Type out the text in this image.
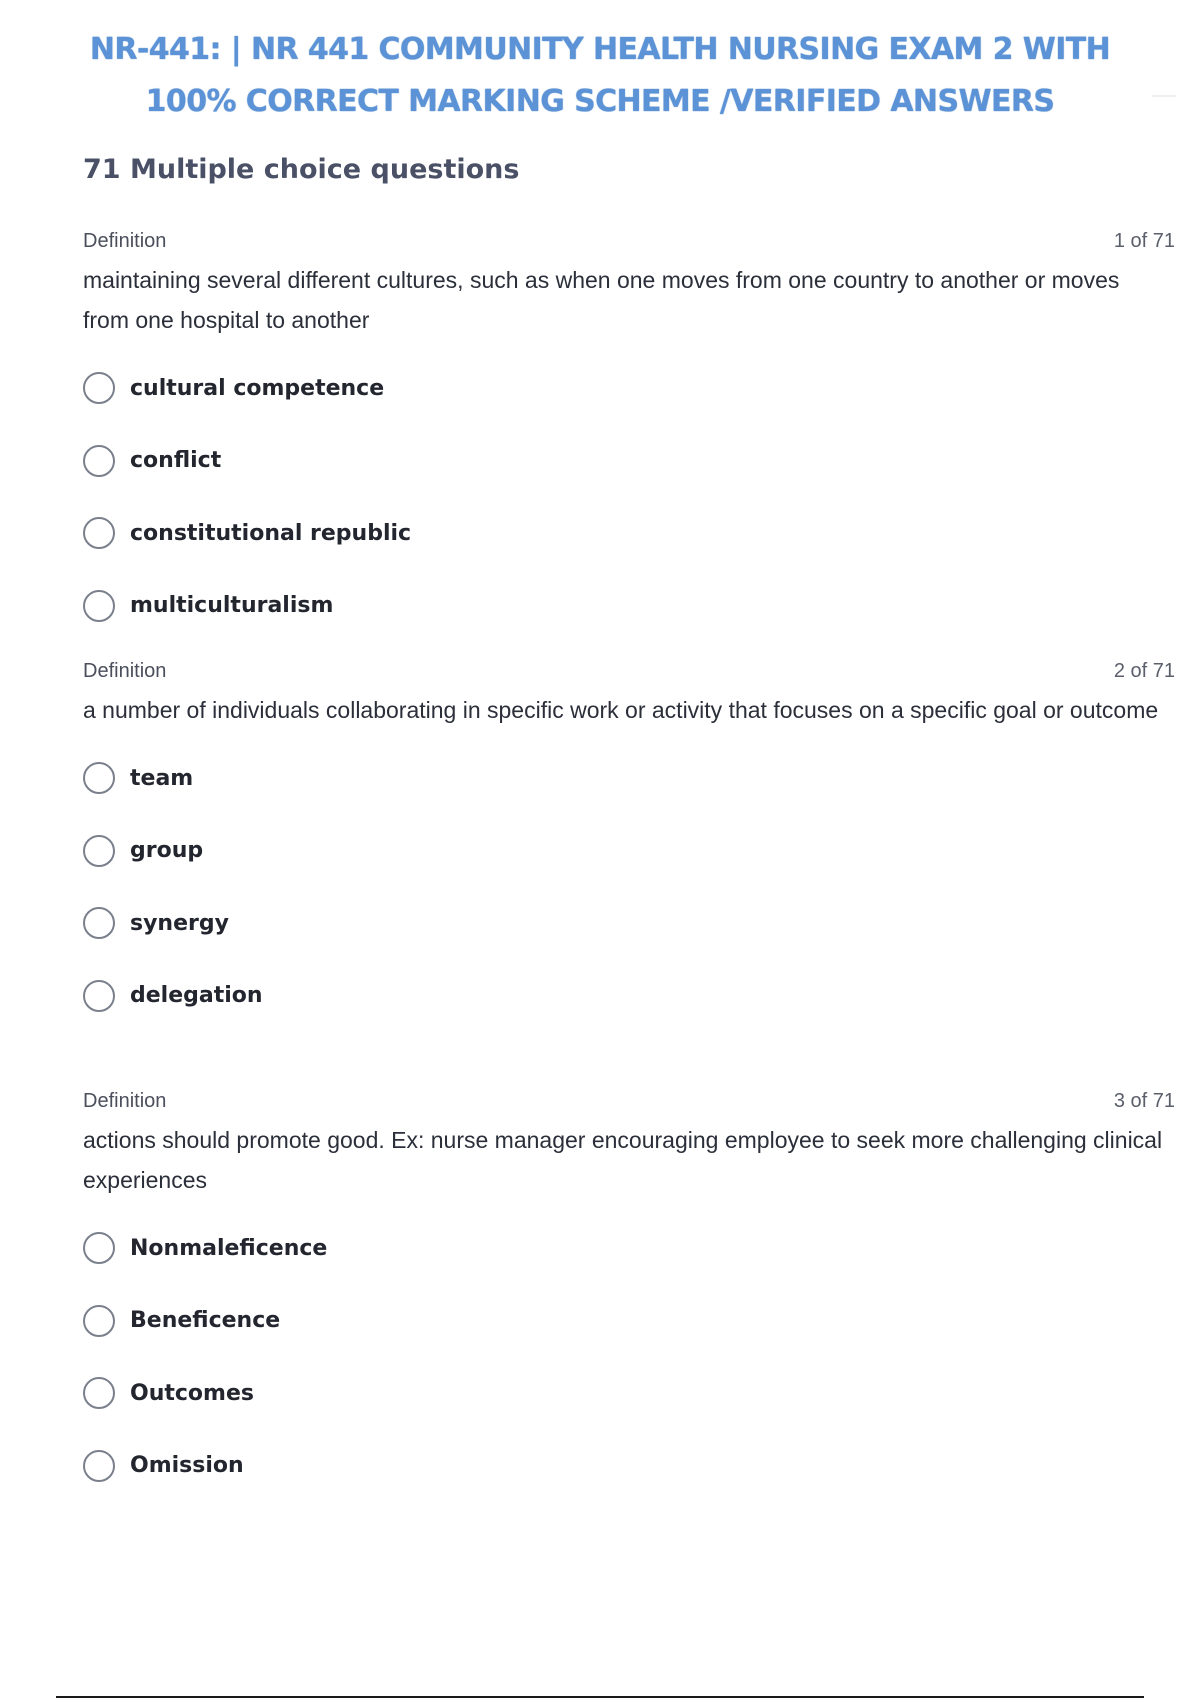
NR-441: | NR 441 COMMUNITY HEALTH NURSING EXAM 2 WITH
100% CORRECT MARKING SCHEME /VERIFIED ANSWERS
71 Multiple choice questions
Definition	1 of 71

maintaining several different cultures, such as when one moves from one country to another or moves from one hospital to another

cultural competence
conflict
constitutional republic
multiculturalism
Definition	2 of 71

a number of individuals collaborating in specific work or activity that focuses on a specific goal or outcome

team
group
synergy
delegation
Definition	3 of 71

actions should promote good. Ex: nurse manager encouraging employee to seek more challenging clinical experiences

Nonmaleficence
Beneficence
Outcomes
Omission
